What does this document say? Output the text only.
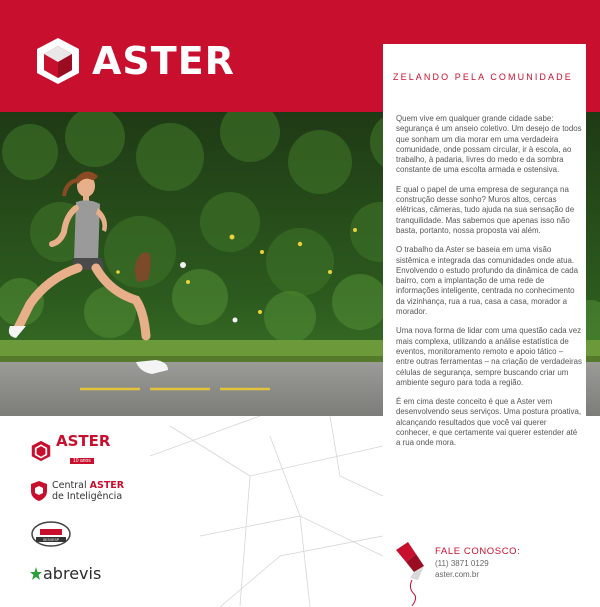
ASTER
ASTER
10 anos
Central ASTER
de Inteligência
SESVESP
abrevis
ZELANDO PELA COMUNIDADE

Quem vive em qualquer grande cidade sabe: segurança é um anseio coletivo. Um desejo de todos que sonham um dia morar em uma verdadeira comunidade, onde possam circular, ir à escola, ao trabalho, à padaria, livres do medo e da sombra constante de uma escolta armada e ostensiva.

E qual o papel de uma empresa de segurança na construção desse sonho? Muros altos, cercas elétricas, câmeras, tudo ajuda na sua sensação de tranquilidade. Mas sabemos que apenas isso não basta, portanto, nossa proposta vai além.

O trabalho da Aster se baseia em uma visão sistêmica e integrada das comunidades onde atua. Envolvendo o estudo profundo da dinâmica de cada bairro, com a implantação de uma rede de informações inteligente, centrada no conhecimento da vizinhança, rua a rua, casa a casa, morador a morador.

Uma nova forma de lidar com uma questão cada vez mais complexa, utilizando a análise estatística de eventos, monitoramento remoto e apoio tático – entre outras ferramentas – na criação de verdadeiras células de segurança, sempre buscando criar um ambiente seguro para toda a região.

É em cima deste conceito é que a Aster vem desenvolvendo seus serviços. Uma postura proativa, alcançando resultados que você vai querer conhecer, e que certamente vai querer estender até a rua onde mora.

FALE CONOSCO:
(11) 3871 0129
aster.com.br
